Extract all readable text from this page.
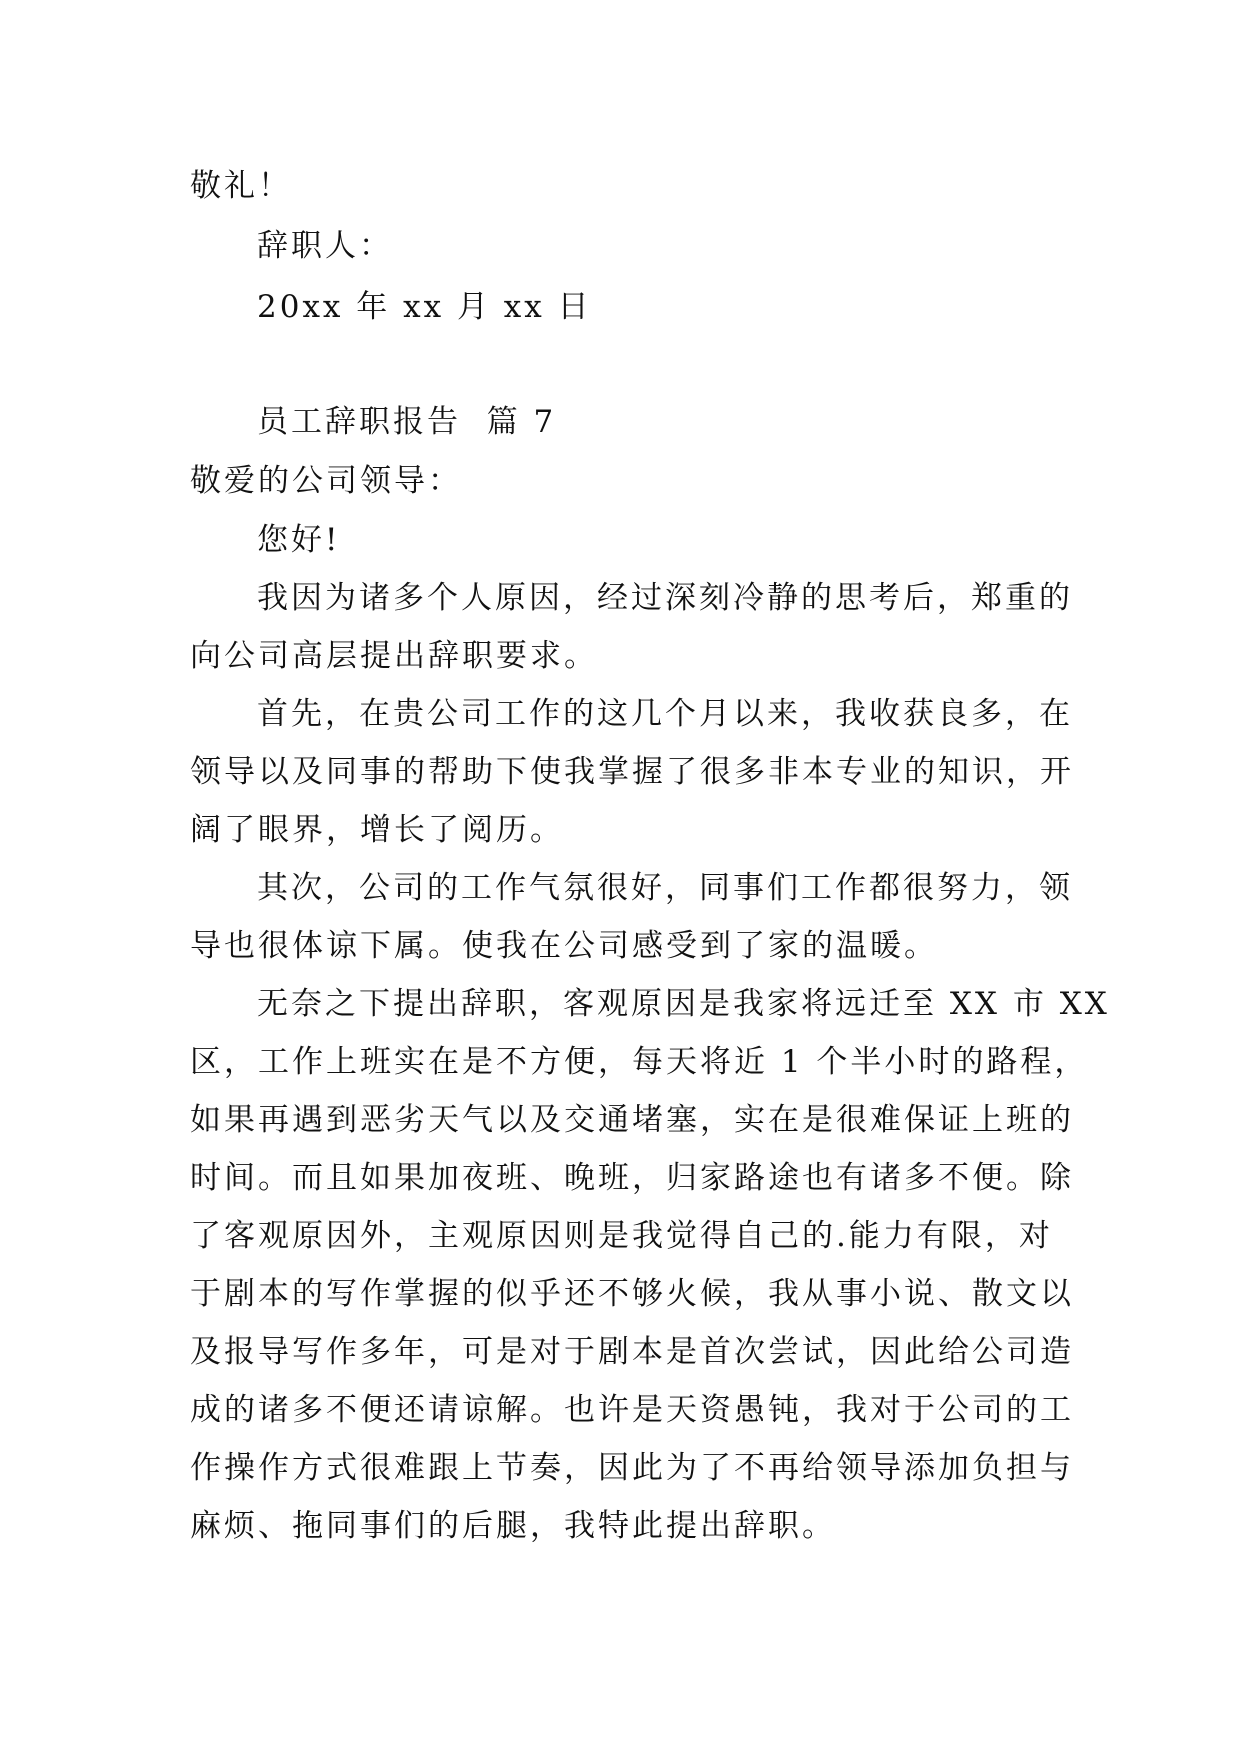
敬礼！
辞职人：
20xx 年 xx 月 xx 日
员工辞职报告  篇 7
敬爱的公司领导：
您好!
我因为诸多个人原因，经过深刻冷静的思考后，郑重的
向公司高层提出辞职要求。
首先，在贵公司工作的这几个月以来，我收获良多，在
领导以及同事的帮助下使我掌握了很多非本专业的知识，开
阔了眼界，增长了阅历。
其次，公司的工作气氛很好，同事们工作都很努力，领
导也很体谅下属。使我在公司感受到了家的温暖。
无奈之下提出辞职，客观原因是我家将远迁至 XX 市 XX
区，工作上班实在是不方便，每天将近 1 个半小时的路程，
如果再遇到恶劣天气以及交通堵塞，实在是很难保证上班的
时间。而且如果加夜班、晚班，归家路途也有诸多不便。除
了客观原因外，主观原因则是我觉得自己的.能力有限，对
于剧本的写作掌握的似乎还不够火候，我从事小说、散文以
及报导写作多年，可是对于剧本是首次尝试，因此给公司造
成的诸多不便还请谅解。也许是天资愚钝，我对于公司的工
作操作方式很难跟上节奏，因此为了不再给领导添加负担与
麻烦、拖同事们的后腿，我特此提出辞职。
